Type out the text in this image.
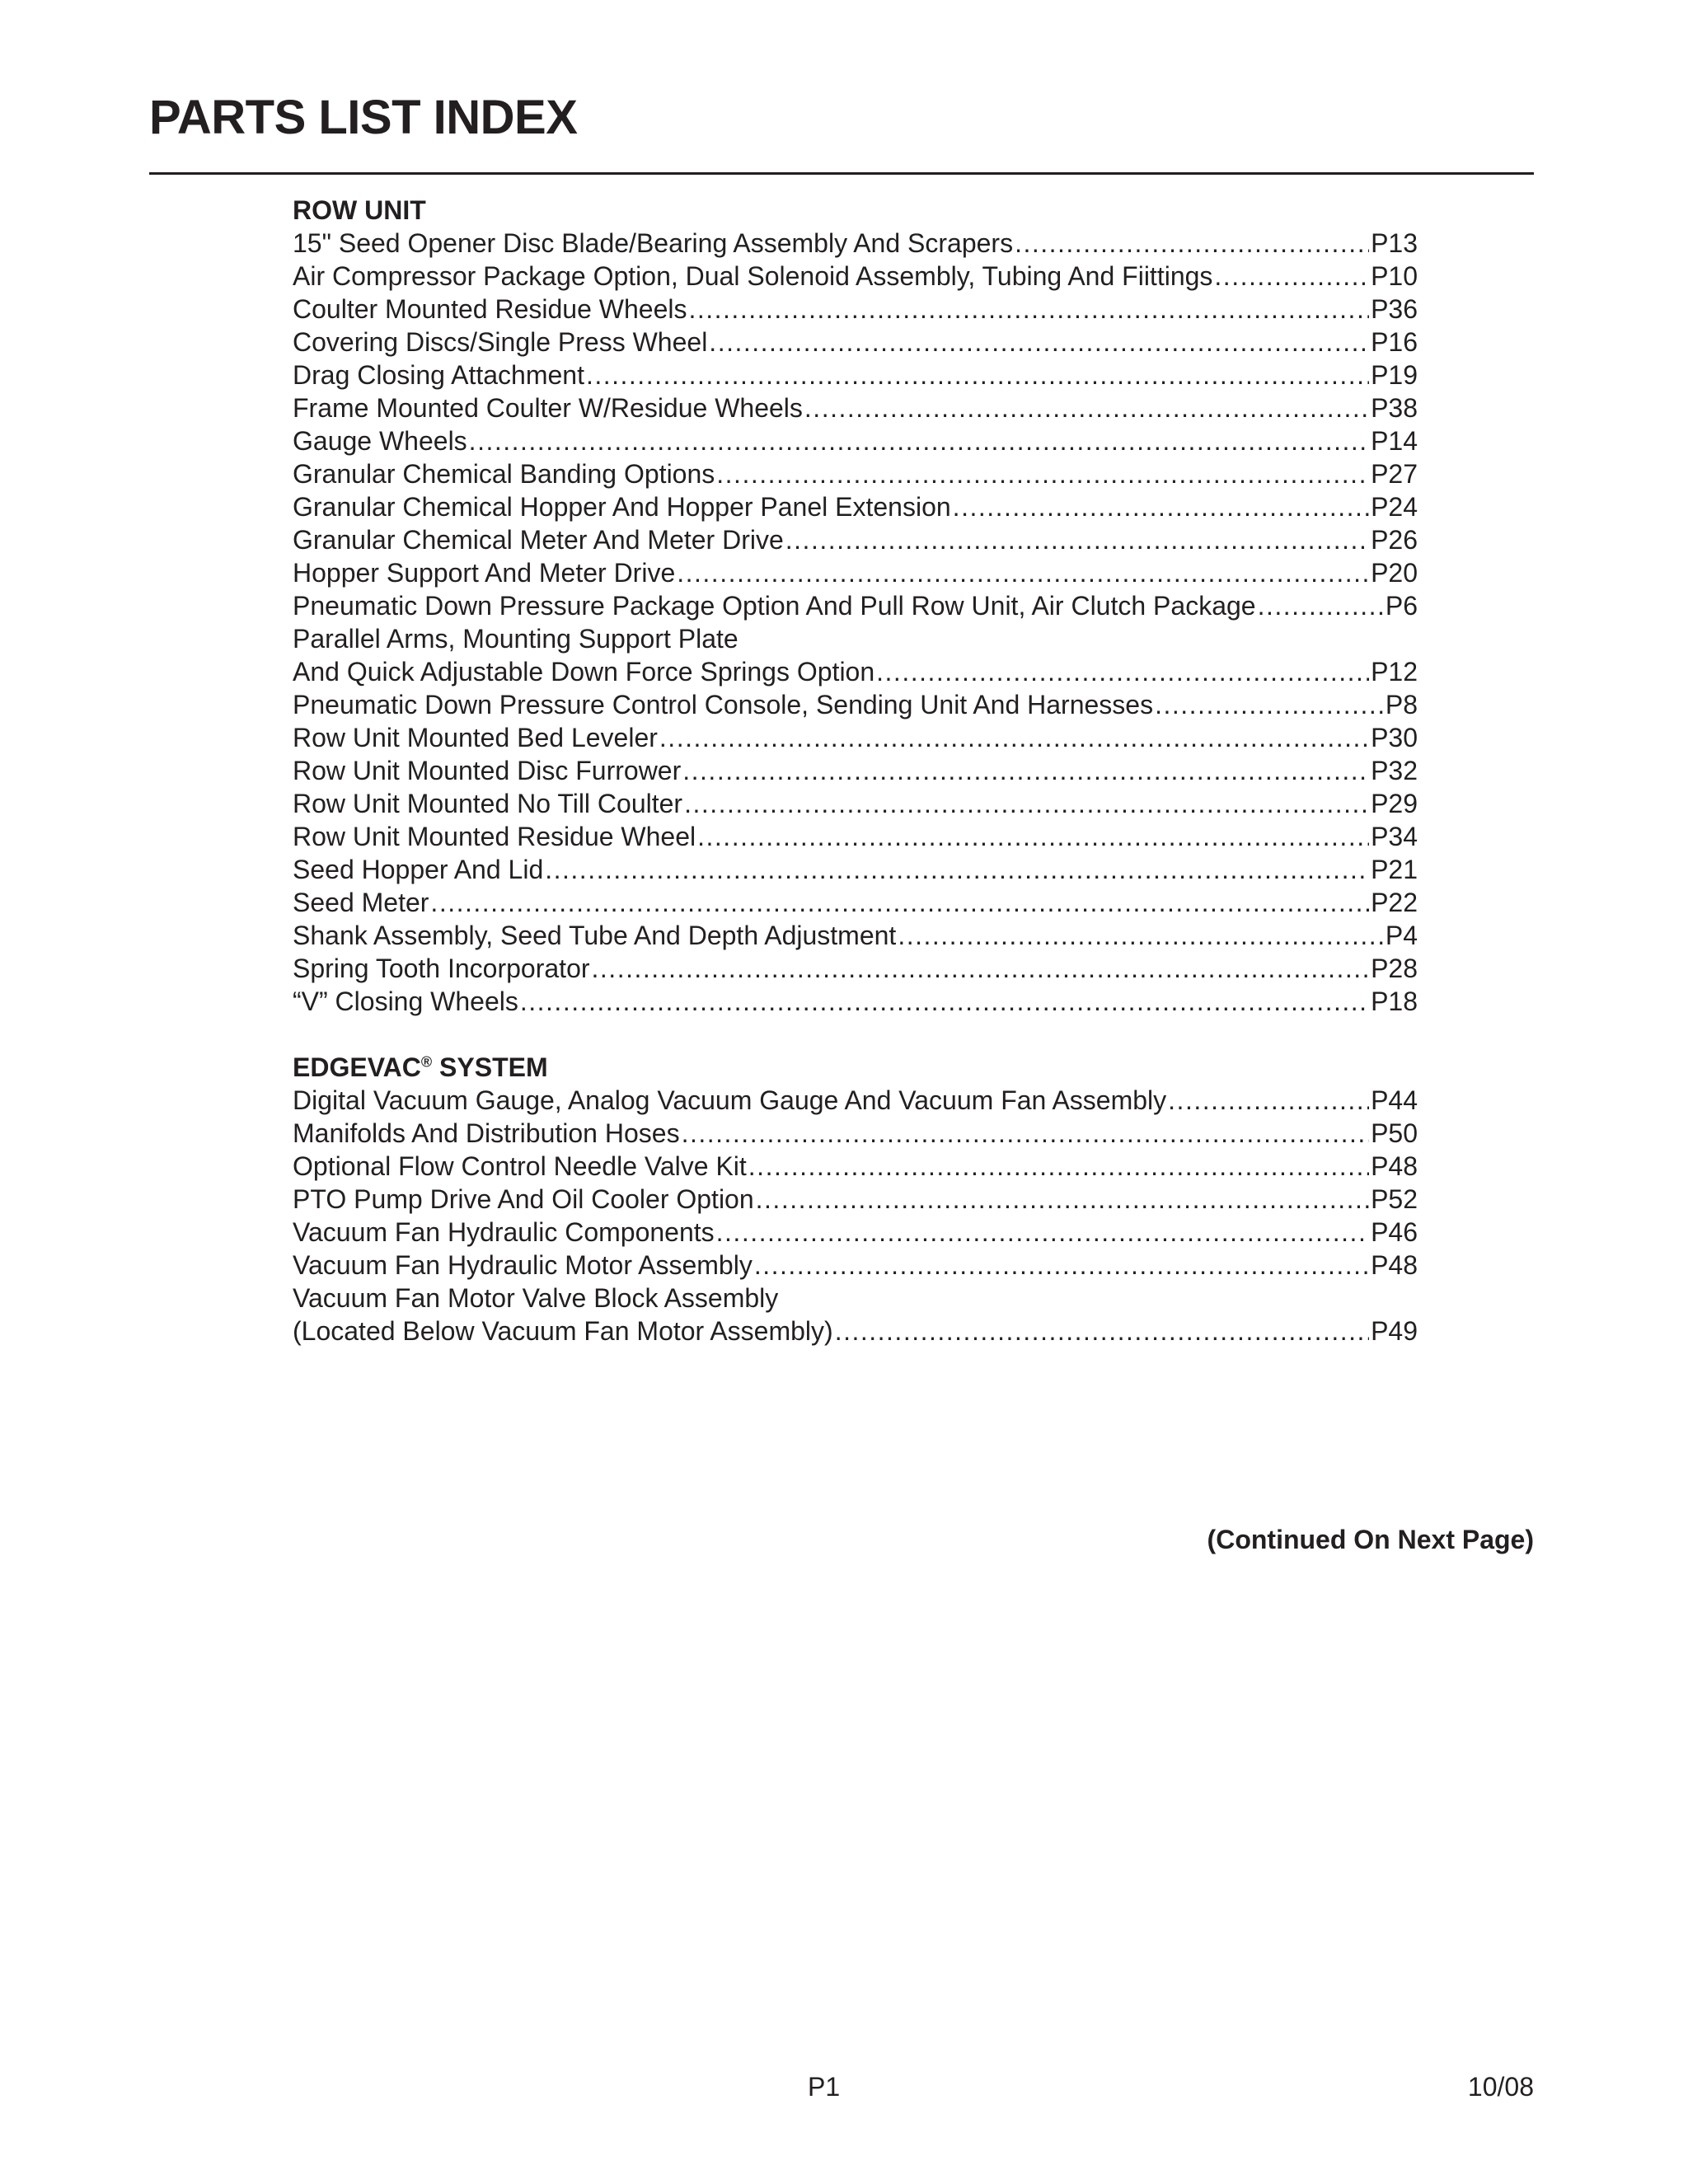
PARTS LIST INDEX
ROW UNIT
15" Seed Opener Disc Blade/Bearing Assembly And Scrapers .....	P13
Air Compressor Package Option, Dual Solenoid Assembly, Tubing And Fiittings .....	P10
Coulter Mounted Residue Wheels .....	P36
Covering Discs/Single Press Wheel .....	P16
Drag Closing Attachment .....	P19
Frame Mounted Coulter W/Residue Wheels .....	P38
Gauge Wheels .....	P14
Granular Chemical Banding Options .....	P27
Granular Chemical Hopper And Hopper Panel Extension .....	P24
Granular Chemical Meter And Meter Drive .....	P26
Hopper Support And Meter Drive .....	P20
Pneumatic Down Pressure Package Option And Pull Row Unit, Air Clutch Package .....	P6
Parallel Arms, Mounting Support Plate
And Quick Adjustable Down Force Springs Option .....	P12
Pneumatic Down Pressure Control Console, Sending Unit And Harnesses .....	P8
Row Unit Mounted Bed Leveler .....	P30
Row Unit Mounted Disc Furrower .....	P32
Row Unit Mounted No Till Coulter .....	P29
Row Unit Mounted Residue Wheel .....	P34
Seed Hopper And Lid .....	P21
Seed Meter .....	P22
Shank Assembly, Seed Tube And Depth Adjustment .....	P4
Spring Tooth Incorporator .....	P28
“V” Closing Wheels .....	P18
EDGEVAC® SYSTEM
Digital Vacuum Gauge, Analog Vacuum Gauge And Vacuum Fan Assembly .....	P44
Manifolds And Distribution Hoses .....	P50
Optional Flow Control Needle Valve Kit .....	P48
PTO Pump Drive And Oil Cooler Option .....	P52
Vacuum Fan Hydraulic Components .....	P46
Vacuum Fan Hydraulic Motor Assembly .....	P48
Vacuum Fan Motor Valve Block Assembly
(Located Below Vacuum Fan Motor Assembly) .....	P49
(Continued On Next Page)
P1	10/08
